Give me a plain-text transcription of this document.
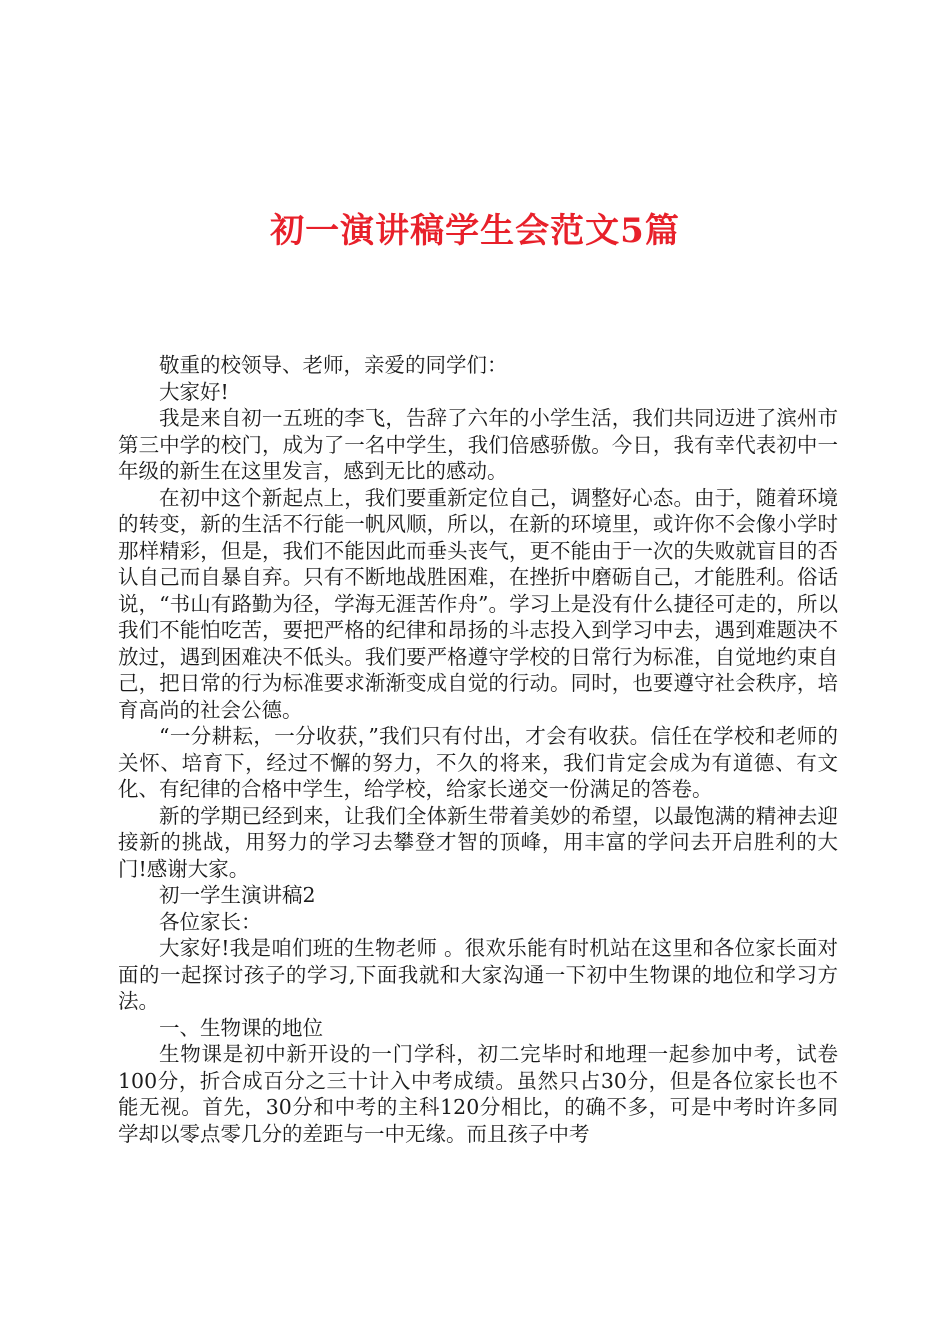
初一演讲稿学生会范文5篇

敬重的校领导、老师，亲爱的同学们：

大家好!

我是来自初一五班的李飞，告辞了六年的小学生活，我们共同迈进了滨州市第三中学的校门，成为了一名中学生，我们倍感骄傲。今日，我有幸代表初中一年级的新生在这里发言，感到无比的感动。

在初中这个新起点上，我们要重新定位自己，调整好心态。由于，随着环境的转变，新的生活不行能一帆风顺，所以，在新的环境里，或许你不会像小学时那样精彩，但是，我们不能因此而垂头丧气，更不能由于一次的失败就盲目的否认自己而自暴自弃。只有不断地战胜困难，在挫折中磨砺自己，才能胜利。俗话说，“书山有路勤为径，学海无涯苦作舟”。学习上是没有什么捷径可走的，所以我们不能怕吃苦，要把严格的纪律和昂扬的斗志投入到学习中去，遇到难题决不放过，遇到困难决不低头。我们要严格遵守学校的日常行为标准，自觉地约束自己，把日常的行为标准要求渐渐变成自觉的行动。同时，也要遵守社会秩序，培育高尚的社会公德。

“一分耕耘，一分收获，”我们只有付出，才会有收获。信任在学校和老师的关怀、培育下，经过不懈的努力，不久的将来，我们肯定会成为有道德、有文化、有纪律的合格中学生，给学校，给家长递交一份满足的答卷。

新的学期已经到来，让我们全体新生带着美妙的希望，以最饱满的精神去迎接新的挑战，用努力的学习去攀登才智的顶峰，用丰富的学问去开启胜利的大门!感谢大家。

初一学生演讲稿2

各位家长：

大家好!我是咱们班的生物老师 。很欢乐能有时机站在这里和各位家长面对面的一起探讨孩子的学习,下面我就和大家沟通一下初中生物课的地位和学习方法。

一、生物课的地位

生物课是初中新开设的一门学科，初二完毕时和地理一起参加中考，试卷100分，折合成百分之三十计入中考成绩。虽然只占30分，但是各位家长也不能无视。首先，30分和中考的主科120分相比，的确不多，可是中考时许多同学却以零点零几分的差距与一中无缘。而且孩子中考
